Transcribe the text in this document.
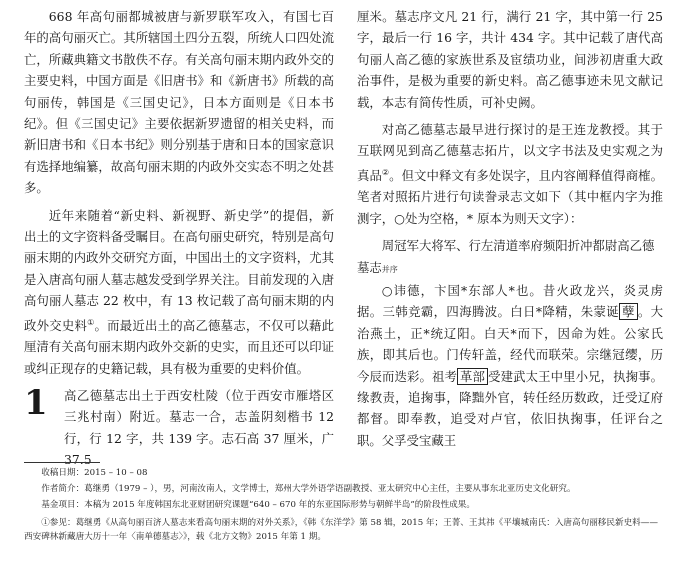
668 年高句丽都城被唐与新罗联军攻入，有国七百年的高句丽灭亡。其所辖国土四分五裂，所统人口四处流亡，所藏典籍文书散佚不存。有关高句丽末期内政外交的主要史料，中国方面是《旧唐书》和《新唐书》所载的高句丽传，韩国是《三国史记》，日本方面则是《日本书纪》。但《三国史记》主要依据新罗遗留的相关史料，而新旧唐书和《日本书纪》则分别基于唐和日本的国家意识有选择地编纂，故高句丽末期的内政外交实态不明之处甚多。

近年来随着“新史料、新视野、新史学”的提倡，新出土的文字资料备受瞩目。在高句丽史研究，特别是高句丽末期的内政外交研究方面，中国出土的文字资料，尤其是入唐高句丽人墓志越发受到学界关注。目前发现的入唐高句丽人墓志 22 枚中，有 13 枚记载了高句丽末期的内政外交史料①。而最近出土的高乙德墓志，不仅可以藉此厘清有关高句丽末期内政外交新的史实，而且还可以印证或纠正现存的史籍记载，具有极为重要的史料价值。

1	高乙德墓志出土于西安杜陵（位于西安市雁塔区三兆村南）附近。墓志一合，志盖阴刻楷书 12 行，行 12 字，共 139 字。志石高 37 厘米，广 37.5

厘米。墓志序文凡 21 行，满行 21 字，其中第一行 25 字，最后一行 16 字，共计 434 字。其中记载了唐代高句丽人高乙德的家族世系及宦绩功业，间涉初唐重大政治事件，是极为重要的新史料。高乙德事迹未见文献记载，本志有简传性质，可补史阙。

对高乙德墓志最早进行探讨的是王连龙教授。其于互联网见到高乙德墓志拓片，以文字书法及史实观之为真品②。但文中释文有多处误字，且内容阐释值得商榷。笔者对照拓片进行句读誊录志文如下（其中框内字为推测字，○处为空格，* 原本为则天文字）：

周冠军大将军、行左清道率府频阳折冲都尉高乙德墓志并序

○讳德，卞国*东部人*也。昔火政龙兴，炎灵虏据。三韩竞霸，四海腾波。白日*降精，朱蒙诞 孽 。大治燕土，正*统辽阳。白天*而下，因命为姓。公家氏族，即其后也。门传轩盖，经代而联荣。宗继冠缨，历今辰而迭彩。祖考 革部 受建武太王中里小兄，执掬事。缘教责，追掬事，降黜外官，转任经历数政，迁受辽府都督。即奉教，追受对卢官，依旧执掬事，任评台之职。父孚受宝藏王

收稿日期：2015 – 10 – 08

作者简介：葛继勇（1979 – ），男，河南汝南人，文学博士，郑州大学外语学语副教授、亚太研究中心主任，主要从事东北亚历史文化研究。

基金项目：本稿为 2015 年度韩国东北亚财团研究课题“640 – 670 年的东亚国际形势与朝鲜半岛”的阶段性成果。

①参见：葛继勇《从高句丽百济人墓志来看高句丽末期的对外关系》，《韩《东洋学》第 58 辑，2015 年；王菁、王其祎《平壤城南氏：入唐高句丽移民新史料——西安碑林新藏唐大历十一年〈南单德墓志〉》，载《北方文物》2015 年第 1 期。
